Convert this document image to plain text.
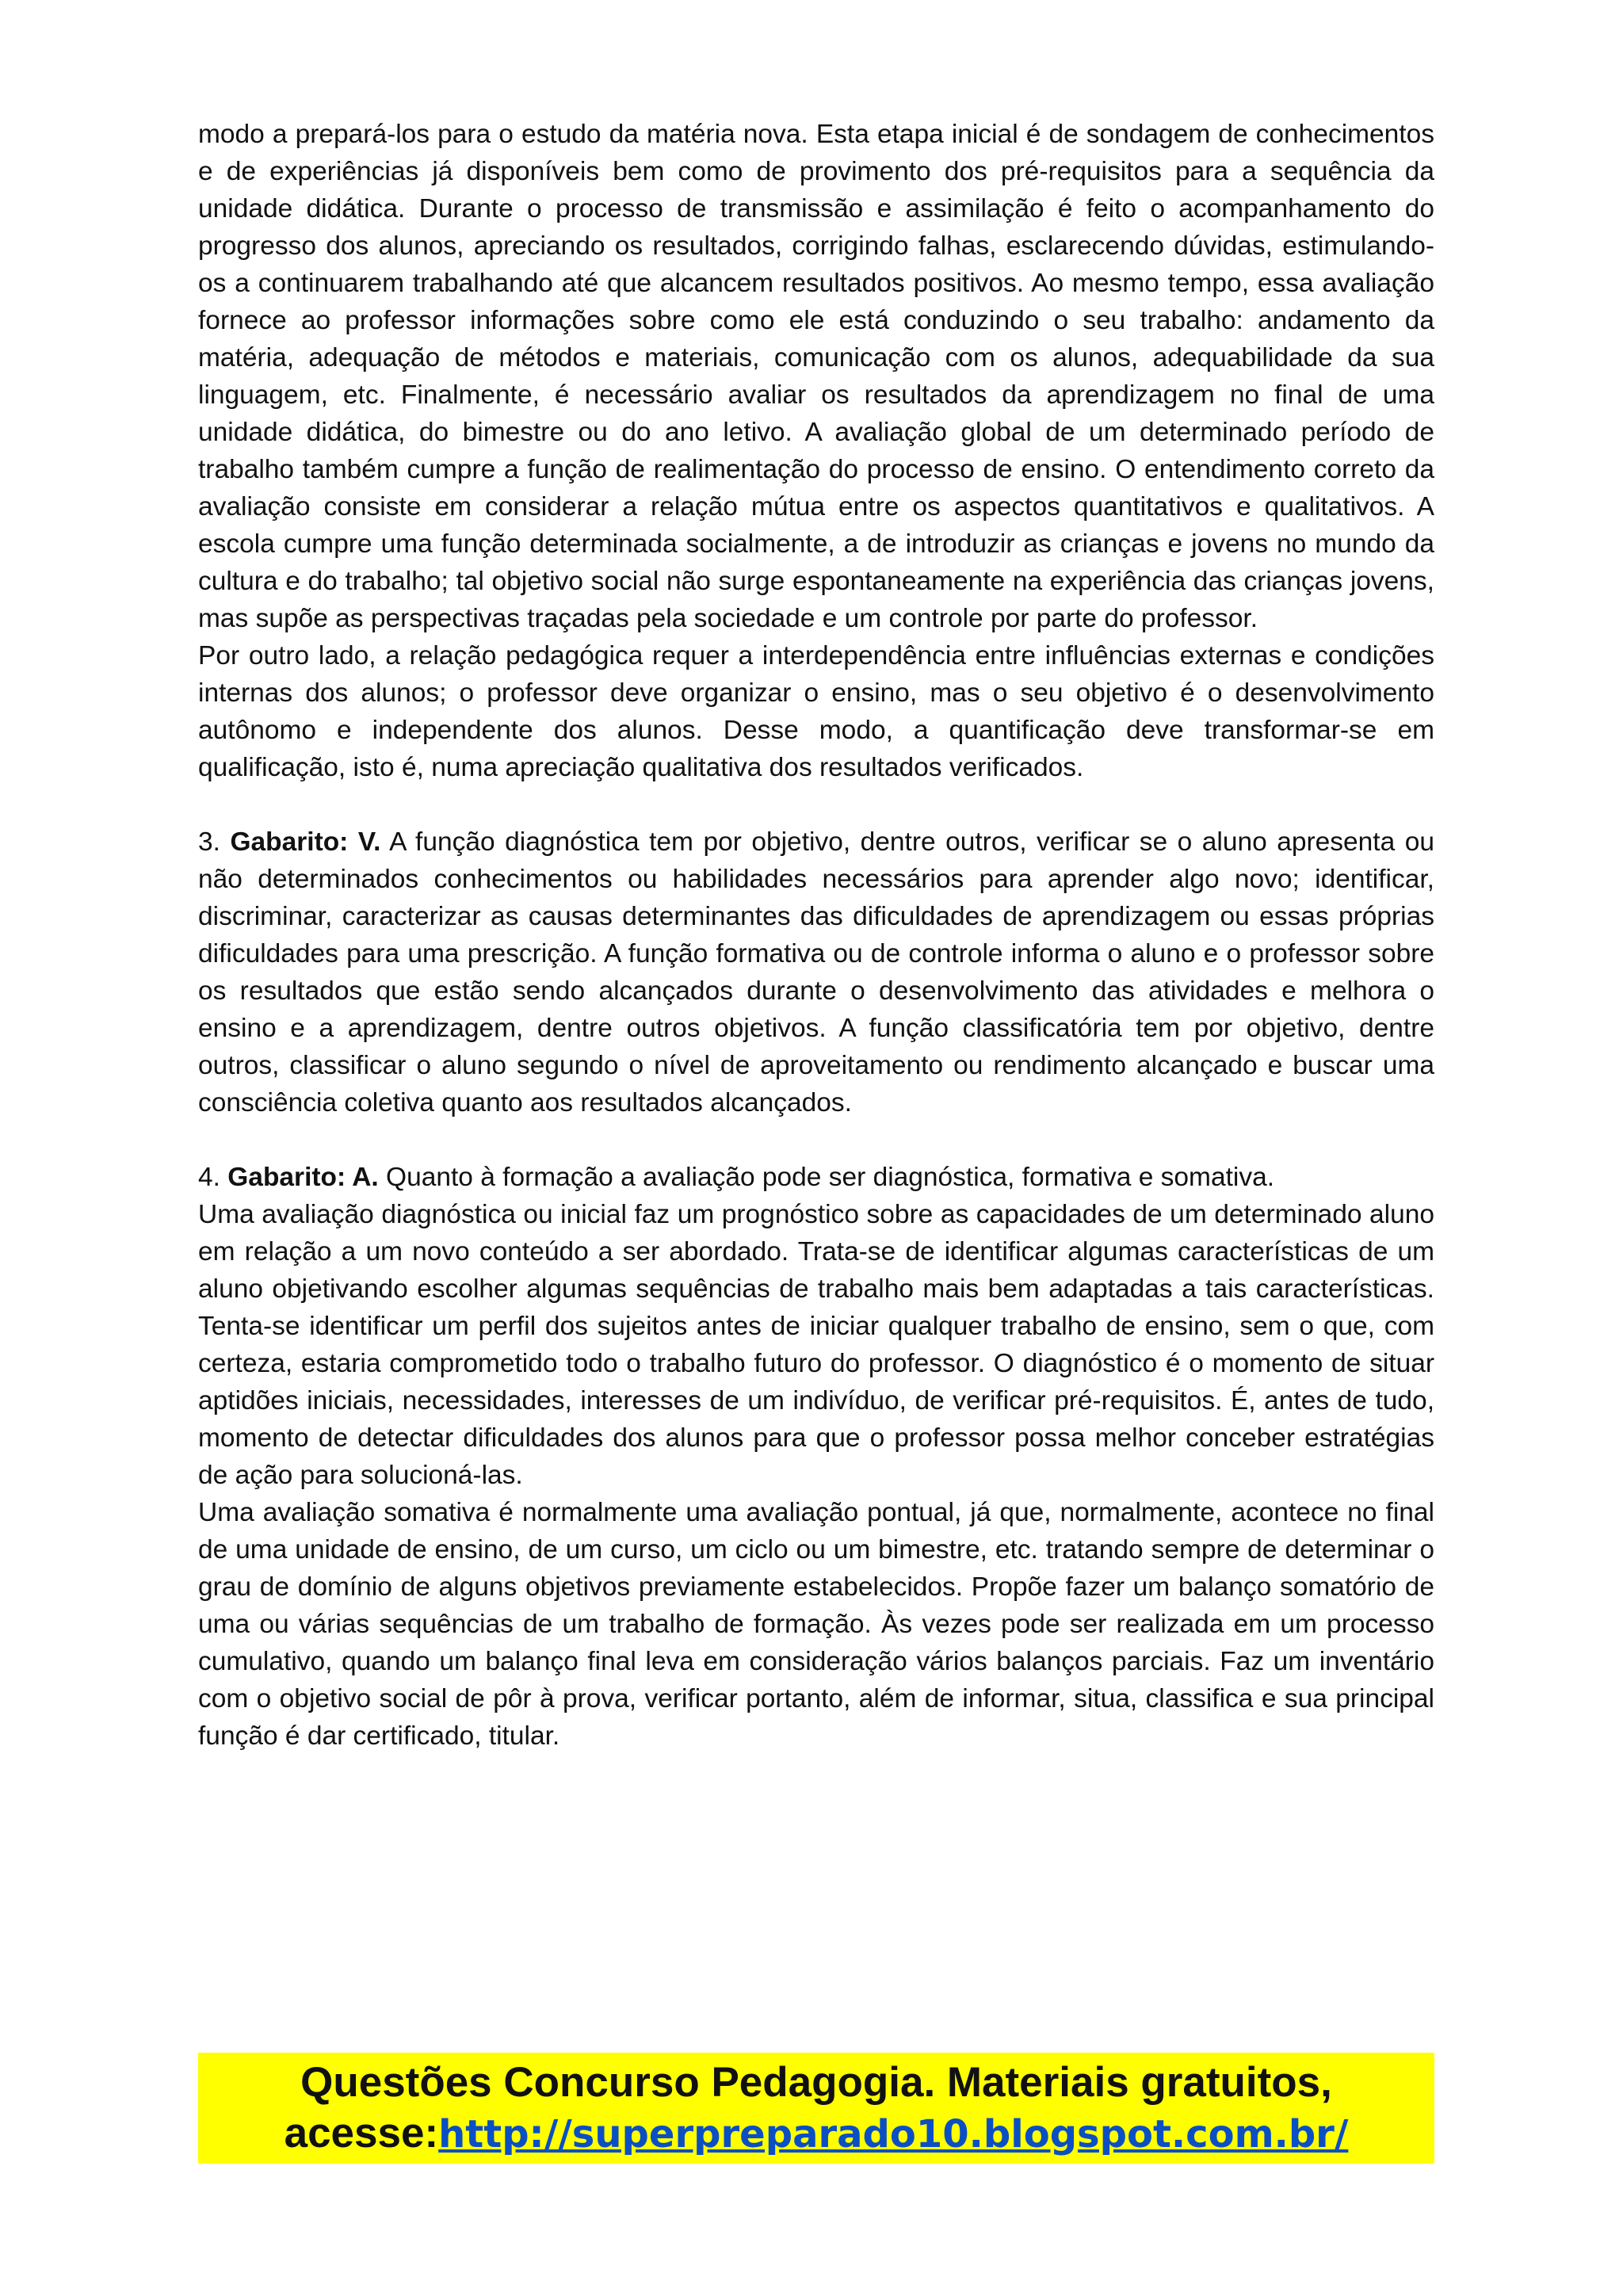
modo a prepará-los para o estudo da matéria nova. Esta etapa inicial é de sondagem de conhecimentos e de experiências já disponíveis bem como de provimento dos pré-requisitos para a sequência da unidade didática. Durante o processo de transmissão e assimilação é feito o acompanhamento do progresso dos alunos, apreciando os resultados, corrigindo falhas, esclarecendo dúvidas, estimulando-os a continuarem trabalhando até que alcancem resultados positivos. Ao mesmo tempo, essa avaliação fornece ao professor informações sobre como ele está conduzindo o seu trabalho: andamento da matéria, adequação de métodos e materiais, comunicação com os alunos, adequabilidade da sua linguagem, etc. Finalmente, é necessário avaliar os resultados da aprendizagem no final de uma unidade didática, do bimestre ou do ano letivo. A avaliação global de um determinado período de trabalho também cumpre a função de realimentação do processo de ensino. O entendimento correto da avaliação consiste em considerar a relação mútua entre os aspectos quantitativos e qualitativos. A escola cumpre uma função determinada socialmente, a de introduzir as crianças e jovens no mundo da cultura e do trabalho; tal objetivo social não surge espontaneamente na experiência das crianças jovens, mas supõe as perspectivas traçadas pela sociedade e um controle por parte do professor.

Por outro lado, a relação pedagógica requer a interdependência entre influências externas e condições internas dos alunos; o professor deve organizar o ensino, mas o seu objetivo é o desenvolvimento autônomo e independente dos alunos. Desse modo, a quantificação deve transformar-se em qualificação, isto é, numa apreciação qualitativa dos resultados verificados.

3. Gabarito: V. A função diagnóstica tem por objetivo, dentre outros, verificar se o aluno apresenta ou não determinados conhecimentos ou habilidades necessários para aprender algo novo; identificar, discriminar, caracterizar as causas determinantes das dificuldades de aprendizagem ou essas próprias dificuldades para uma prescrição. A função formativa ou de controle informa o aluno e o professor sobre os resultados que estão sendo alcançados durante o desenvolvimento das atividades e melhora o ensino e a aprendizagem, dentre outros objetivos. A função classificatória tem por objetivo, dentre outros, classificar o aluno segundo o nível de aproveitamento ou rendimento alcançado e buscar uma consciência coletiva quanto aos resultados alcançados.

4. Gabarito: A. Quanto à formação a avaliação pode ser diagnóstica, formativa e somativa.

Uma avaliação diagnóstica ou inicial faz um prognóstico sobre as capacidades de um determinado aluno em relação a um novo conteúdo a ser abordado. Trata-se de identificar algumas características de um aluno objetivando escolher algumas sequências de trabalho mais bem adaptadas a tais características. Tenta-se identificar um perfil dos sujeitos antes de iniciar qualquer trabalho de ensino, sem o que, com certeza, estaria comprometido todo o trabalho futuro do professor. O diagnóstico é o momento de situar aptidões iniciais, necessidades, interesses de um indivíduo, de verificar pré-requisitos. É, antes de tudo, momento de detectar dificuldades dos alunos para que o professor possa melhor conceber estratégias de ação para solucioná-las.

Uma avaliação somativa é normalmente uma avaliação pontual, já que, normalmente, acontece no final de uma unidade de ensino, de um curso, um ciclo ou um bimestre, etc. tratando sempre de determinar o grau de domínio de alguns objetivos previamente estabelecidos. Propõe fazer um balanço somatório de uma ou várias sequências de um trabalho de formação. Às vezes pode ser realizada em um processo cumulativo, quando um balanço final leva em consideração vários balanços parciais. Faz um inventário com o objetivo social de pôr à prova, verificar portanto, além de informar, situa, classifica e sua principal função é dar certificado, titular.

Questões Concurso Pedagogia. Materiais gratuitos,
acesse:http://superpreparado10.blogspot.com.br/
